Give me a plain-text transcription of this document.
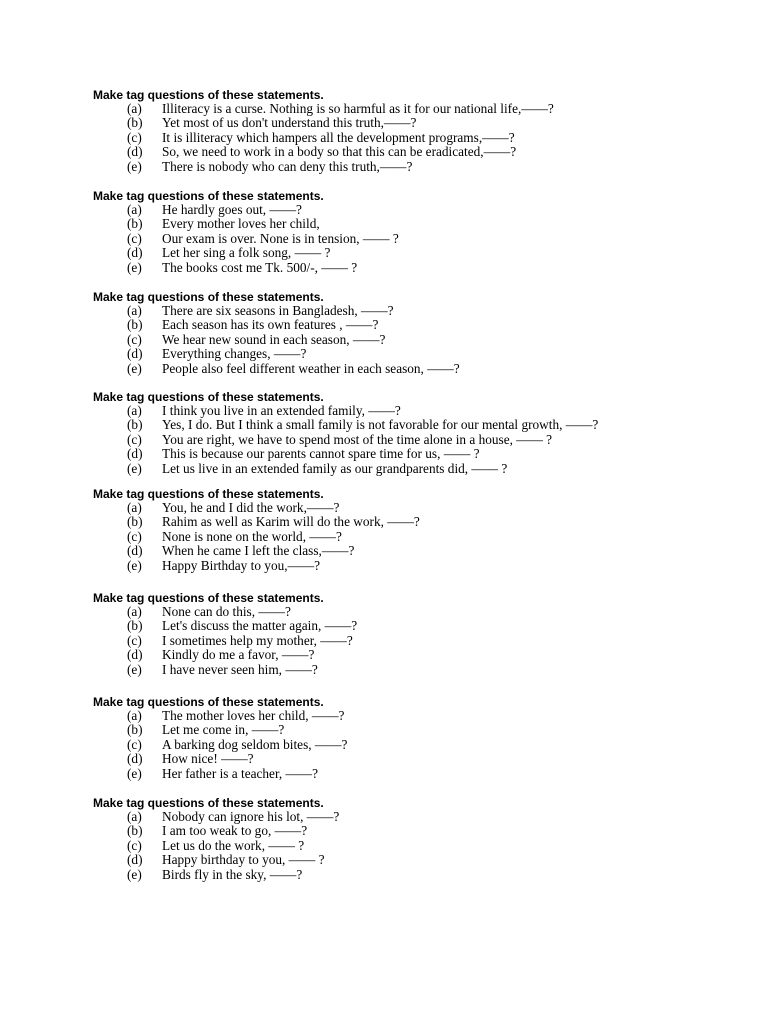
Make tag questions of these statements.
(a) Illiteracy is a curse. Nothing is so harmful as it for our national life,——?
(b) Yet most of us don't understand this truth,——?
(c) It is illiteracy which hampers all the development programs,——?
(d) So, we need to work in a body so that this can be eradicated,——?
(e) There is nobody who can deny this truth,——?
Make tag questions of these statements.
(a) He hardly goes out, ——?
(b) Every mother loves her child,
(c) Our exam is over. None is in tension, —— ?
(d) Let her sing a folk song, —— ?
(e) The books cost me Tk. 500/-, —— ?
Make tag questions of these statements.
(a) There are six seasons in Bangladesh, ——?
(b) Each season has its own features , ——?
(c) We hear new sound in each season, ——?
(d) Everything changes, ——?
(e) People also feel different weather in each season, ——?
Make tag questions of these statements.
(a) I think you live in an extended family, ——?
(b) Yes, I do. But I think a small family is not favorable for our mental growth, ——?
(c) You are right, we have to spend most of the time alone in a house, —— ?
(d) This is because our parents cannot spare time for us, —— ?
(e) Let us live in an extended family as our grandparents did, —— ?
Make tag questions of these statements.
(a) You, he and I did the work,——?
(b) Rahim as well as Karim will do the work, ——?
(c) None is none on the world, ——?
(d) When he came I left the class,——?
(e) Happy Birthday to you,——?
Make tag questions of these statements.
(a) None can do this, ——?
(b) Let's discuss the matter again, ——?
(c) I sometimes help my mother, ——?
(d) Kindly do me a favor, ——?
(e) I have never seen him, ——?
Make tag questions of these statements.
(a) The mother loves her child, ——?
(b) Let me come in, ——?
(c) A barking dog seldom bites, ——?
(d) How nice! ——?
(e) Her father is a teacher, ——?
Make tag questions of these statements.
(a) Nobody can ignore his lot, ——?
(b) I am too weak to go, ——?
(c) Let us do the work, —— ?
(d) Happy birthday to you, —— ?
(e) Birds fly in the sky, ——?
